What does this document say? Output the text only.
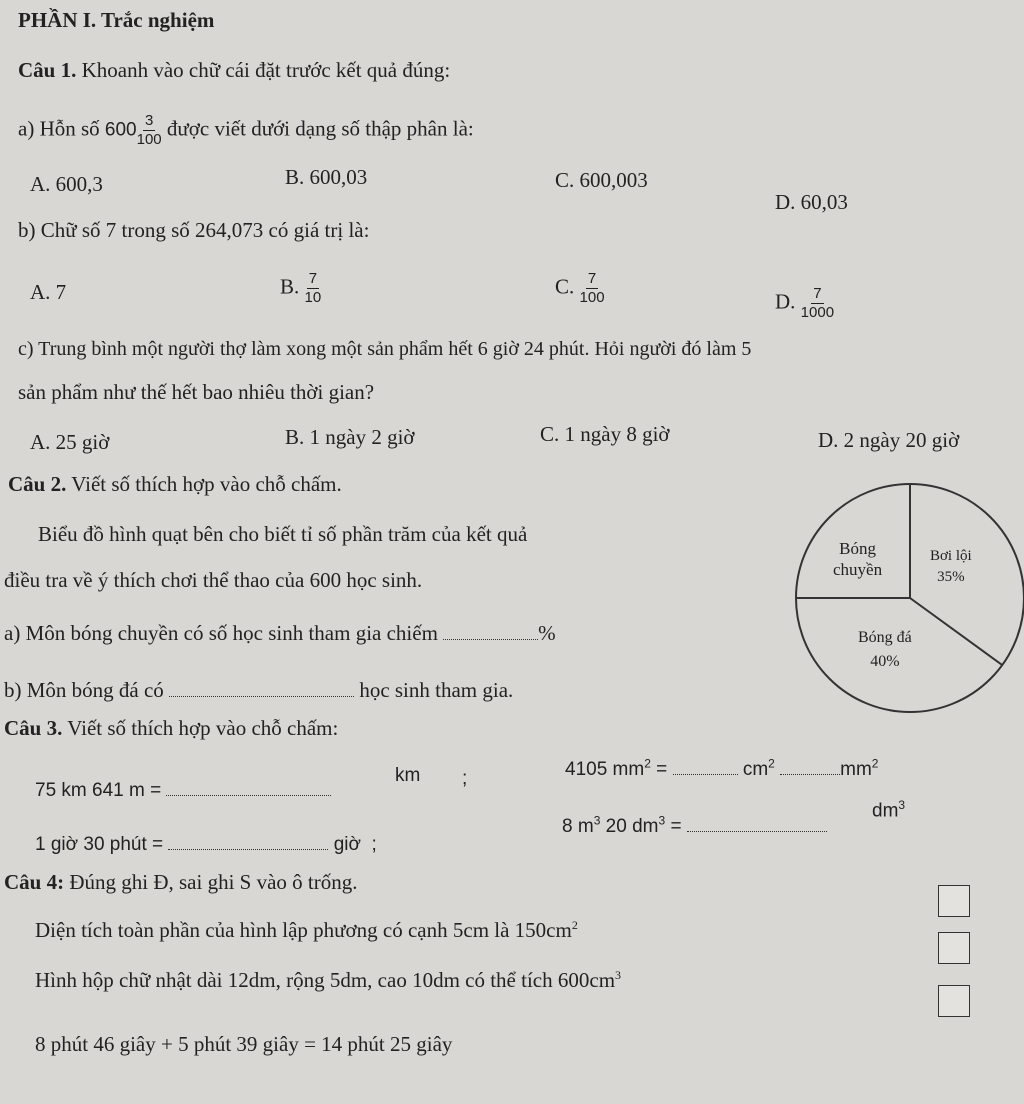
PHẦN I. Trắc nghiệm
Câu 1. Khoanh vào chữ cái đặt trước kết quả đúng:
a) Hỗn số $600 \frac{3}{100}$ được viết dưới dạng số thập phân là:
A. 600,3	B. 600,03	C. 600,003
D. 60,03
b) Chữ số 7 trong số 264,073 có giá trị là:
A. 7	B. $\frac{7}{10}$	C. $\frac{7}{100}$	D. $\frac{7}{1000}$
c) Trung bình một người thợ làm xong một sản phẩm hết 6 giờ 24 phút. Hỏi người đó làm 5
sản phẩm như thế hết bao nhiêu thời gian?
A. 25 giờ	B. 1 ngày 2 giờ	C. 1 ngày 8 giờ	D. 2 ngày 20 giờ
Câu 2. Viết số thích hợp vào chỗ chấm.
Biểu đồ hình quạt bên cho biết tỉ số phần trăm của kết quả
điều tra về ý thích chơi thể thao của 600 học sinh.
a) Môn bóng chuyền có số học sinh tham gia chiếm	%
b) Môn bóng đá có	học sinh tham gia.
Bóng
chuyền
Bơi lội
35%
Bóng đá
40%
Câu 3. Viết số thích hợp vào chỗ chấm:
75 km 641 m =
km ;	4105 $mm^2$ =	$cm^2$	$mm^2$
1 giờ 30 phút =	giờ ;
8 $m^3$ 20 $dm^3$ =
$dm^3$
Câu 4: Đúng ghi Đ, sai ghi S vào ô trống.
Diện tích toàn phần của hình lập phương có cạnh 5cm là $150cm^2$
Hình hộp chữ nhật dài 12dm, rộng 5dm, cao 10dm có thể tích $600cm^3$
8 phút 46 giây + 5 phút 39 giây = 14 phút 25 giây
